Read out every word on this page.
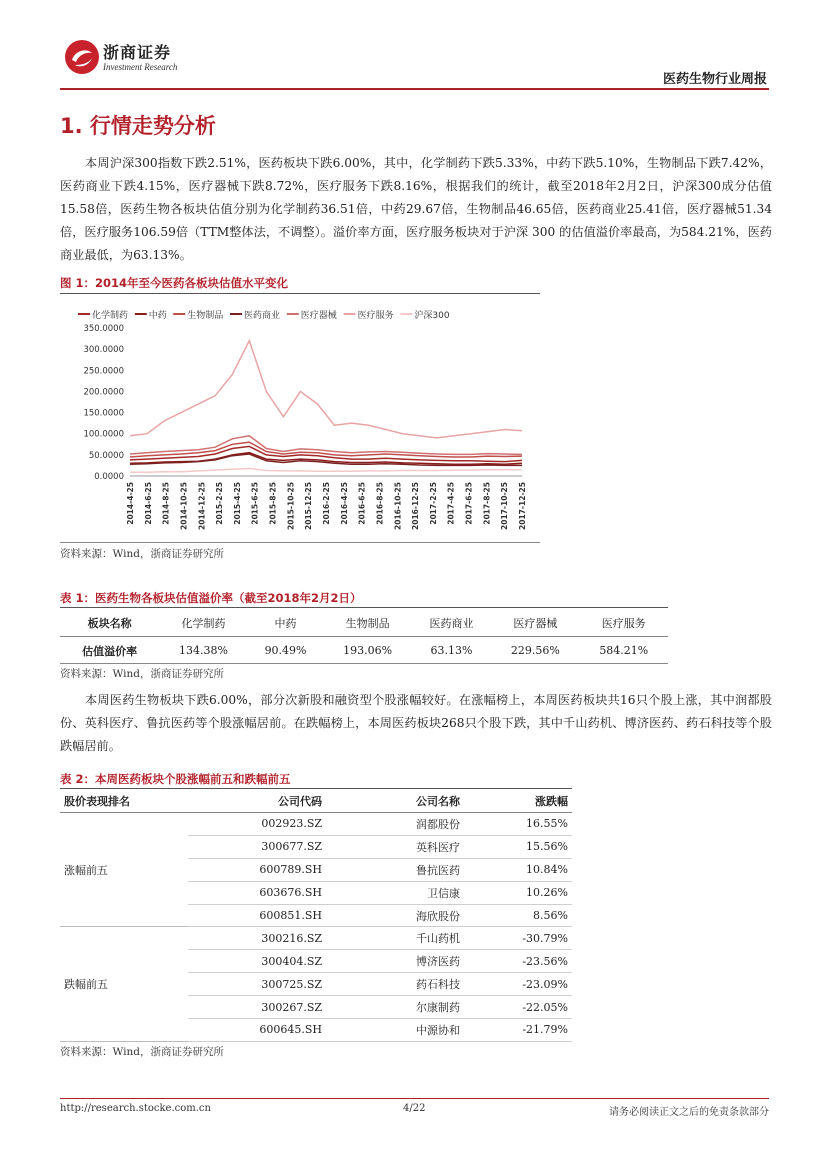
浙商证券
Investment Research
医药生物行业周报
1. 行情走势分析
本周沪深300指数下跌2.51%，医药板块下跌6.00%，其中，化学制药下跌5.33%，中药下跌5.10%，生物制品下跌7.42%，医药商业下跌4.15%，医疗器械下跌8.72%，医疗服务下跌8.16%，根据我们的统计，截至2018年2月2日，沪深300成分估值15.58倍，医药生物各板块估值分别为化学制药36.51倍，中药29.67倍，生物制品46.65倍，医药商业25.41倍，医疗器械51.34倍，医疗服务106.59倍（TTM整体法，不调整）。溢价率方面，医疗服务板块对于沪深 300 的估值溢价率最高，为584.21%，医药商业最低，为63.13%。
图 1：2014年至今医药各板块估值水平变化
化学制药 中药 生物制品 医药商业 医疗器械 医疗服务 沪深300
0.0000
50.0000
100.0000
150.0000
200.0000
250.0000
300.0000
350.0000
2014-4-25 2014-6-25 2014-8-25 2014-10-25 2014-12-25 2015-2-25 2015-4-25 2015-6-25 2015-8-25 2015-10-25 2015-12-25 2016-2-25 2016-4-25 2016-6-25 2016-8-25 2016-10-25 2016-12-25 2017-2-25 2017-4-25 2017-6-25 2017-8-25 2017-10-25 2017-12-25
资料来源：Wind，浙商证券研究所
表 1：医药生物各板块估值溢价率（截至2018年2月2日）
板块名称	化学制药	中药	生物制品	医药商业	医疗器械	医疗服务
估值溢价率	134.38%	90.49%	193.06%	63.13%	229.56%	584.21%
资料来源：Wind，浙商证券研究所
本周医药生物板块下跌6.00%，部分次新股和融资型个股涨幅较好。在涨幅榜上，本周医药板块共16只个股上涨，其中润都股份、英科医疗、鲁抗医药等个股涨幅居前。在跌幅榜上，本周医药板块268只个股下跌，其中千山药机、博济医药、药石科技等个股跌幅居前。
表 2：本周医药板块个股涨幅前五和跌幅前五
股价表现排名	公司代码	公司名称	涨跌幅
涨幅前五	002923.SZ	润都股份	16.55%
	300677.SZ	英科医疗	15.56%
	600789.SH	鲁抗医药	10.84%
	603676.SH	卫信康	10.26%
	600851.SH	海欣股份	8.56%
跌幅前五	300216.SZ	千山药机	-30.79%
	300404.SZ	博济医药	-23.56%
	300725.SZ	药石科技	-23.09%
	300267.SZ	尔康制药	-22.05%
	600645.SH	中源协和	-21.79%
资料来源：Wind，浙商证券研究所
http://research.stocke.com.cn	4/22	请务必阅读正文之后的免责条款部分
